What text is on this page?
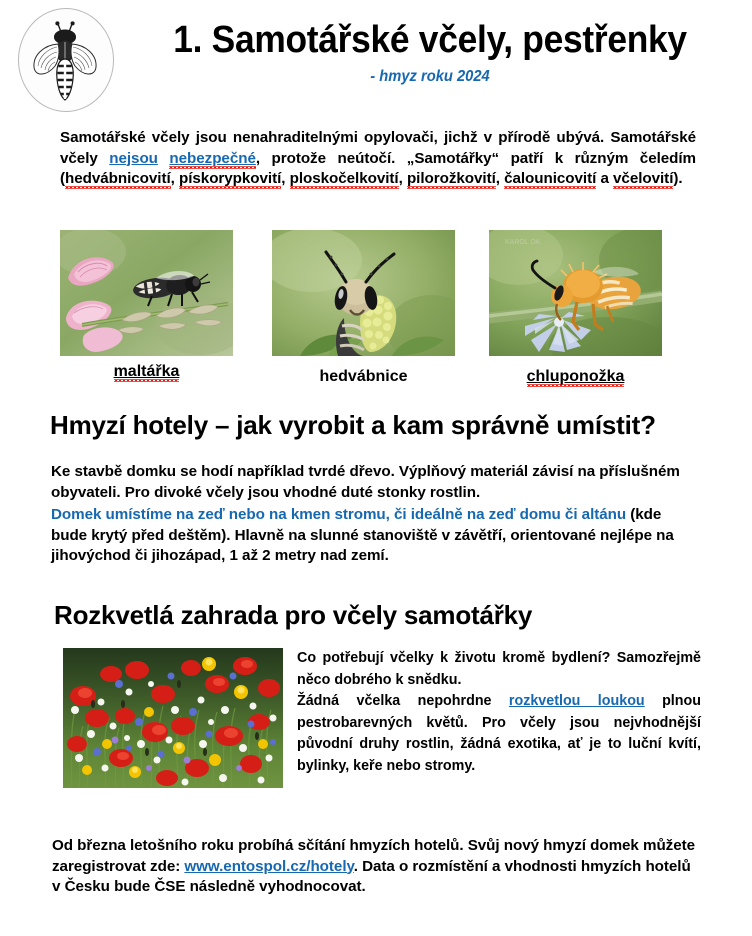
1. Samotářské včely, pestřenky
- hmyz roku 2024
Samotářské včely jsou nenahraditelnými opylovači, jichž v přírodě ubývá. Samotářské včely nejsou nebezpečné, protože neútočí. „Samotářky“ patří k různým čeledím (hedvábnicovití, pískorypkovití, ploskočelkovití, pilorožkovití, čalounicovití a včelovití).
KAROL OK
maltářka	hedvábnice	chluponožka
Hmyzí hotely – jak vyrobit a kam správně umístit?
Ke stavbě domku se hodí například tvrdé dřevo. Výplňový materiál závisí na příslušném obyvateli. Pro divoké včely jsou vhodné duté stonky rostlin.
Domek umístíme na zeď nebo na kmen stromu, či ideálně na zeď domu či altánu (kde bude krytý před deštěm). Hlavně na slunné stanoviště v závětří, orientované nejlépe na jihovýchod či jihozápad, 1 až 2 metry nad zemí.
Rozkvetlá zahrada pro včely samotářky
Co potřebují včelky k životu kromě bydlení? Samozřejmě něco dobrého k snědku.
Žádná včelka nepohrdne rozkvetlou loukou plnou pestrobarevných květů. Pro včely jsou nejvhodnější původní druhy rostlin, žádná exotika, ať je to luční kvítí, bylinky, keře nebo stromy.
Od března letošního roku probíhá sčítání hmyzích hotelů. Svůj nový hmyzí domek můžete zaregistrovat zde: www.entospol.cz/hotely. Data o rozmístění a vhodnosti hmyzích hotelů v Česku bude ČSE následně vyhodnocovat.
